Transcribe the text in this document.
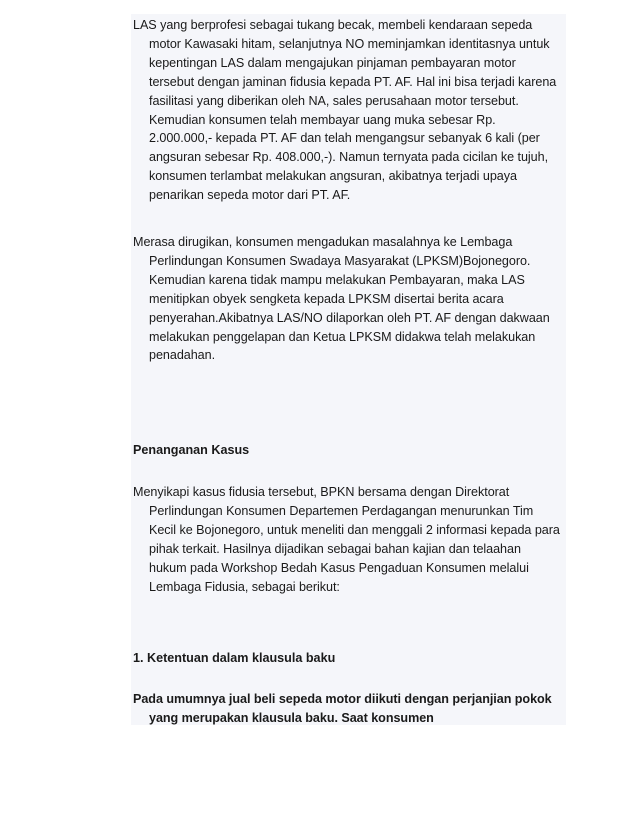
LAS yang berprofesi sebagai tukang becak, membeli kendaraan sepeda
motor Kawasaki hitam, selanjutnya NO meminjamkan identitasnya untuk
kepentingan LAS dalam mengajukan pinjaman pembayaran motor
tersebut dengan jaminan fidusia kepada PT. AF. Hal ini bisa terjadi karena
fasilitasi yang diberikan oleh NA, sales perusahaan motor tersebut.
Kemudian konsumen telah membayar uang muka sebesar Rp.
2.000.000,- kepada PT. AF dan telah mengangsur sebanyak 6 kali (per
angsuran sebesar Rp. 408.000,-). Namun ternyata pada cicilan ke tujuh,
konsumen terlambat melakukan angsuran, akibatnya terjadi upaya
penarikan sepeda motor dari PT. AF.

Merasa dirugikan, konsumen mengadukan masalahnya ke Lembaga
Perlindungan Konsumen Swadaya Masyarakat (LPKSM)Bojonegoro.
Kemudian karena tidak mampu melakukan Pembayaran, maka LAS
menitipkan obyek sengketa kepada LPKSM disertai berita acara
penyerahan.Akibatnya LAS/NO dilaporkan oleh PT. AF dengan dakwaan
melakukan penggelapan dan Ketua LPKSM didakwa telah melakukan
penadahan.

Penanganan Kasus

Menyikapi kasus fidusia tersebut, BPKN bersama dengan Direktorat
Perlindungan Konsumen Departemen Perdagangan menurunkan Tim
Kecil ke Bojonegoro, untuk meneliti dan menggali 2 informasi kepada para
pihak terkait. Hasilnya dijadikan sebagai bahan kajian dan telaahan
hukum pada Workshop Bedah Kasus Pengaduan Konsumen melalui
Lembaga Fidusia, sebagai berikut:

1. Ketentuan dalam klausula baku

Pada umumnya jual beli sepeda motor diikuti dengan perjanjian pokok
yang merupakan klausula baku. Saat konsumen
